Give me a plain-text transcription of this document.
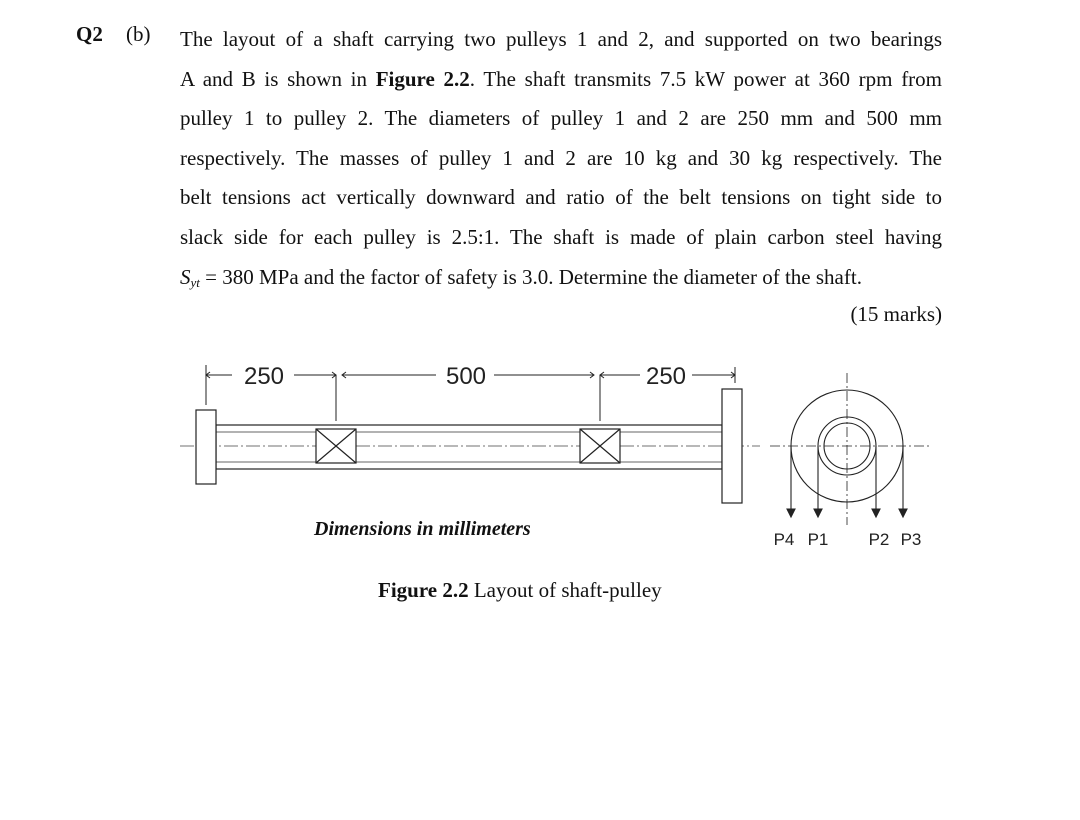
Q2 (b) The layout of a shaft carrying two pulleys 1 and 2, and supported on two bearings
A and B is shown in Figure 2.2. The shaft transmits 7.5 kW power at 360 rpm from
pulley 1 to pulley 2. The diameters of pulley 1 and 2 are 250 mm and 500 mm
respectively. The masses of pulley 1 and 2 are 10 kg and 30 kg respectively. The
belt tensions act vertically downward and ratio of the belt tensions on tight side to
slack side for each pulley is 2.5:1. The shaft is made of plain carbon steel having
$S_{yt} = 380$ MPa and the factor of safety is 3.0. Determine the diameter of the shaft.
(15 marks)
250	500	250
P4 P1 P2 P3
Dimensions in millimeters
Figure 2.2 Layout of shaft-pulley
